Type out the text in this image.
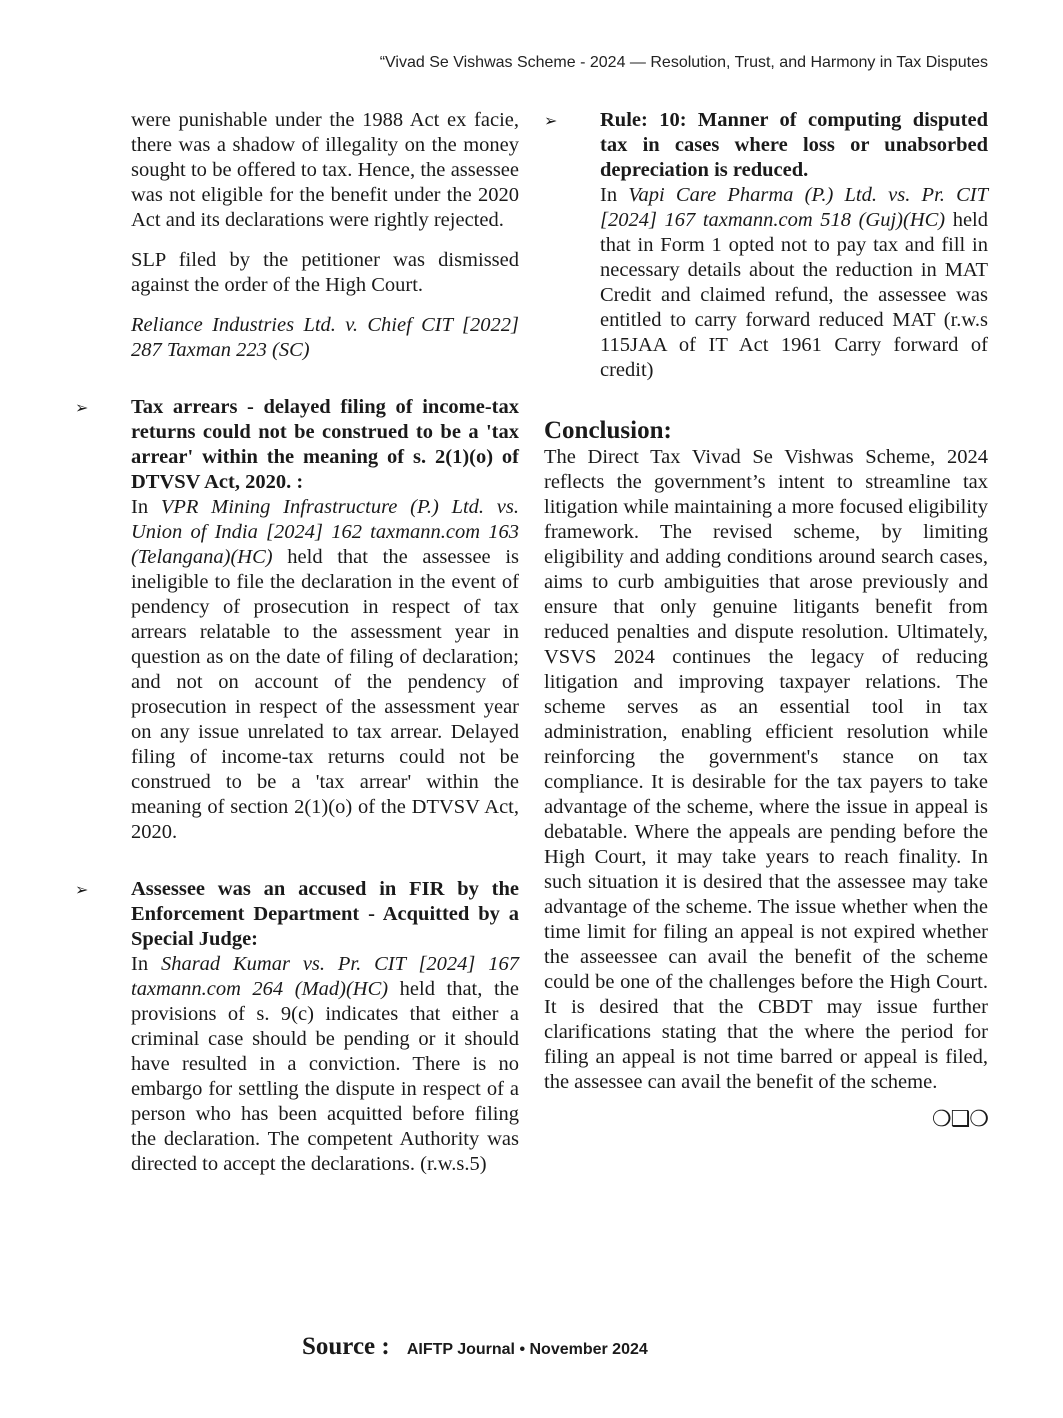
“Vivad Se Vishwas Scheme - 2024 — Resolution, Trust, and Harmony in Tax Disputes

were punishable under the 1988 Act ex facie, there was a shadow of illegality on the money sought to be offered to tax. Hence, the assessee was not eligible for the benefit under the 2020 Act and its declarations were rightly rejected.

SLP filed by the petitioner was dismissed against the order of the High Court.

Reliance Industries Ltd. v. Chief CIT [2022] 287 Taxman 223 (SC)

➢ Tax arrears - delayed filing of income-tax returns could not be construed to be a 'tax arrear' within the meaning of s. 2(1)(o) of DTVSV Act, 2020. :

In VPR Mining Infrastructure (P.) Ltd. vs. Union of India [2024] 162 taxmann.com 163 (Telangana)(HC) held that the assessee is ineligible to file the declaration in the event of pendency of prosecution in respect of tax arrears relatable to the assessment year in question as on the date of filing of declaration; and not on account of the pendency of prosecution in respect of the assessment year on any issue unrelated to tax arrear. Delayed filing of income-tax returns could not be construed to be a 'tax arrear' within the meaning of section 2(1)(o) of the DTVSV Act, 2020.

➢ Assessee was an accused in FIR by the Enforcement Department - Acquitted by a Special Judge:

In Sharad Kumar vs. Pr. CIT [2024] 167 taxmann.com 264 (Mad)(HC) held that, the provisions of s. 9(c) indicates that either a criminal case should be pending or it should have resulted in a conviction. There is no embargo for settling the dispute in respect of a person who has been acquitted before filing the declaration. The competent Authority was directed to accept the declarations. (r.w.s.5)

➢ Rule: 10: Manner of computing disputed tax in cases where loss or unabsorbed depreciation is reduced.

In Vapi Care Pharma (P.) Ltd. vs. Pr. CIT [2024] 167 taxmann.com 518 (Guj)(HC) held that in Form 1 opted not to pay tax and fill in necessary details about the reduction in MAT Credit and claimed refund, the assessee was entitled to carry forward reduced MAT (r.w.s 115JAA of IT Act 1961 Carry forward of credit)

Conclusion:

The Direct Tax Vivad Se Vishwas Scheme, 2024 reflects the government’s intent to streamline tax litigation while maintaining a more focused eligibility framework. The revised scheme, by limiting eligibility and adding conditions around search cases, aims to curb ambiguities that arose previously and ensure that only genuine litigants benefit from reduced penalties and dispute resolution. Ultimately, VSVS 2024 continues the legacy of reducing litigation and improving taxpayer relations. The scheme serves as an essential tool in tax administration, enabling efficient resolution while reinforcing the government's stance on tax compliance. It is desirable for the tax payers to take advantage of the scheme, where the issue in appeal is debatable. Where the appeals are pending before the High Court, it may take years to reach finality. In such situation it is desired that the assessee may take advantage of the scheme. The issue whether when the time limit for filing an appeal is not expired whether the asseessee can avail the benefit of the scheme could be one of the challenges before the High Court. It is desired that the CBDT may issue further clarifications stating that the where the period for filing an appeal is not time barred or appeal is filed, the assessee can avail the benefit of the scheme.

❍❑❍
Source : AIFTP Journal • November 2024
